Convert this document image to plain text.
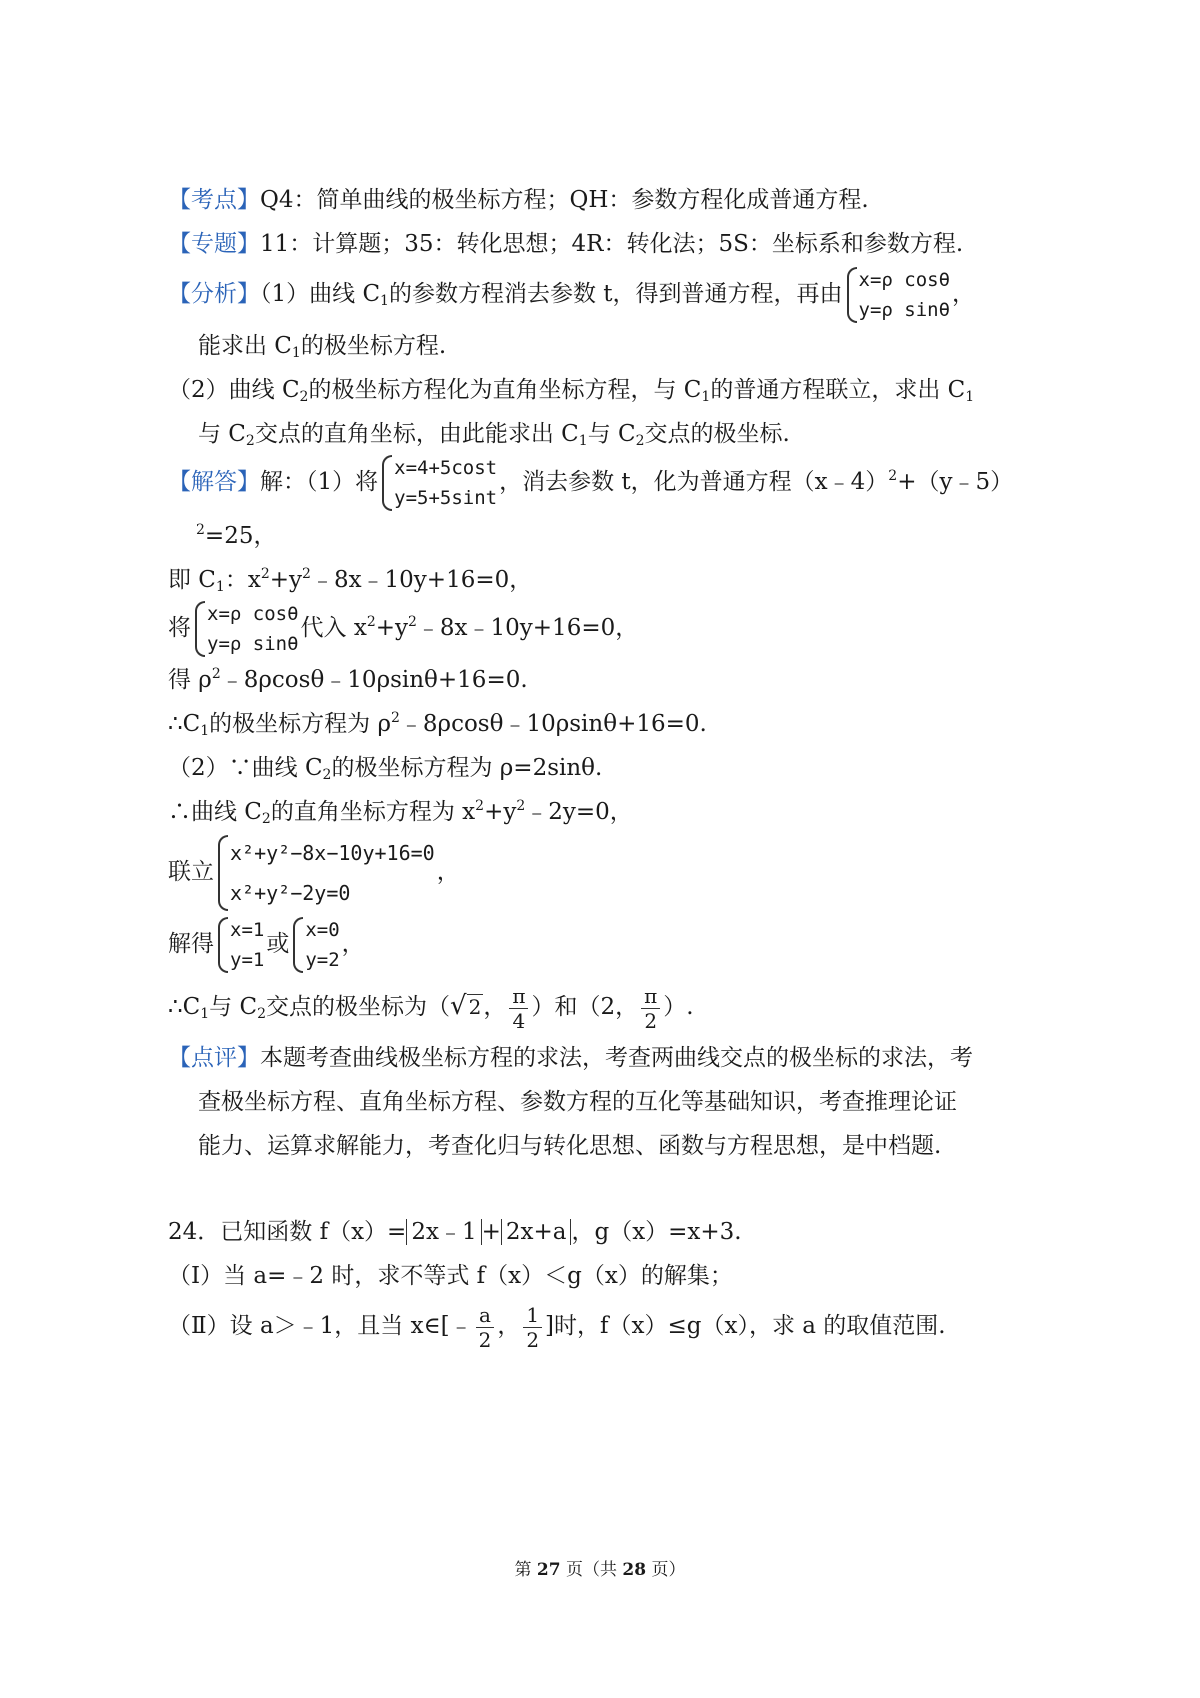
【考点】Q4：简单曲线的极坐标方程；QH：参数方程化成普通方程.
【专题】11：计算题；35：转化思想；4R：转化法；5S：坐标系和参数方程.
【分析】（1）曲线 $C_1$的参数方程消去参数 t，得到普通方程，再由
x=ρ cosθ
y=ρ sinθ
，
能求出 $C_1$的极坐标方程.
（2）曲线 $C_2$的极坐标方程化为直角坐标方程，与 $C_1$的普通方程联立，求出 $C_1$
与 $C_2$交点的直角坐标，由此能求出 $C_1$与 $C_2$交点的极坐标.
【解答】解：（1）将
x=4+5cost
y=5+5sint
，消去参数 t，化为普通方程（x﹣4）$^2$+（y﹣5）
$^2$=25，
即 $C_1$：$x^2+y^2﹣8x﹣10y+16=0$，
将
x=ρ cosθ
y=ρ sinθ
代入 $x^2+y^2﹣8x﹣10y+16=0$，
得 $\rho^2﹣8\rho\cos\theta﹣10\rho\sin\theta+16=0$.
$\therefore C_1$的极坐标方程为 $\rho^2﹣8\rho\cos\theta﹣10\rho\sin\theta+16=0$.
（2）∵曲线 $C_2$的极坐标方程为 ρ=2sinθ.
∴曲线 $C_2$的直角坐标方程为 $x^2+y^2﹣2y=0$，
联立
x²+y²−8x−10y+16=0
x²+y²−2y=0
，
解得
x=1
y=1
或
x=0
y=2
，
$\therefore C_1$与 $C_2$交点的极坐标为（√ 2， $\frac{\pi}{4}$ ）和（2， $\frac{\pi}{2}$ ）.
【点评】本题考查曲线极坐标方程的求法，考查两曲线交点的极坐标的求法，考
查极坐标方程、直角坐标方程、参数方程的互化等基础知识，考查推理论证
能力、运算求解能力，考查化归与转化思想、函数与方程思想，是中档题.
24．已知函数 f（x）= 2x﹣1 + 2x+a ，g（x）=x+3.
（Ⅰ）当 a=﹣2 时，求不等式 f（x）＜g（x）的解集；
（Ⅱ）设 a＞﹣1，且当 x∈[﹣ $\frac{a}{2}$ ， $\frac{1}{2}$ ]时，f（x）≤g（x），求 a 的取值范围.
第 27 页（共 28 页）
